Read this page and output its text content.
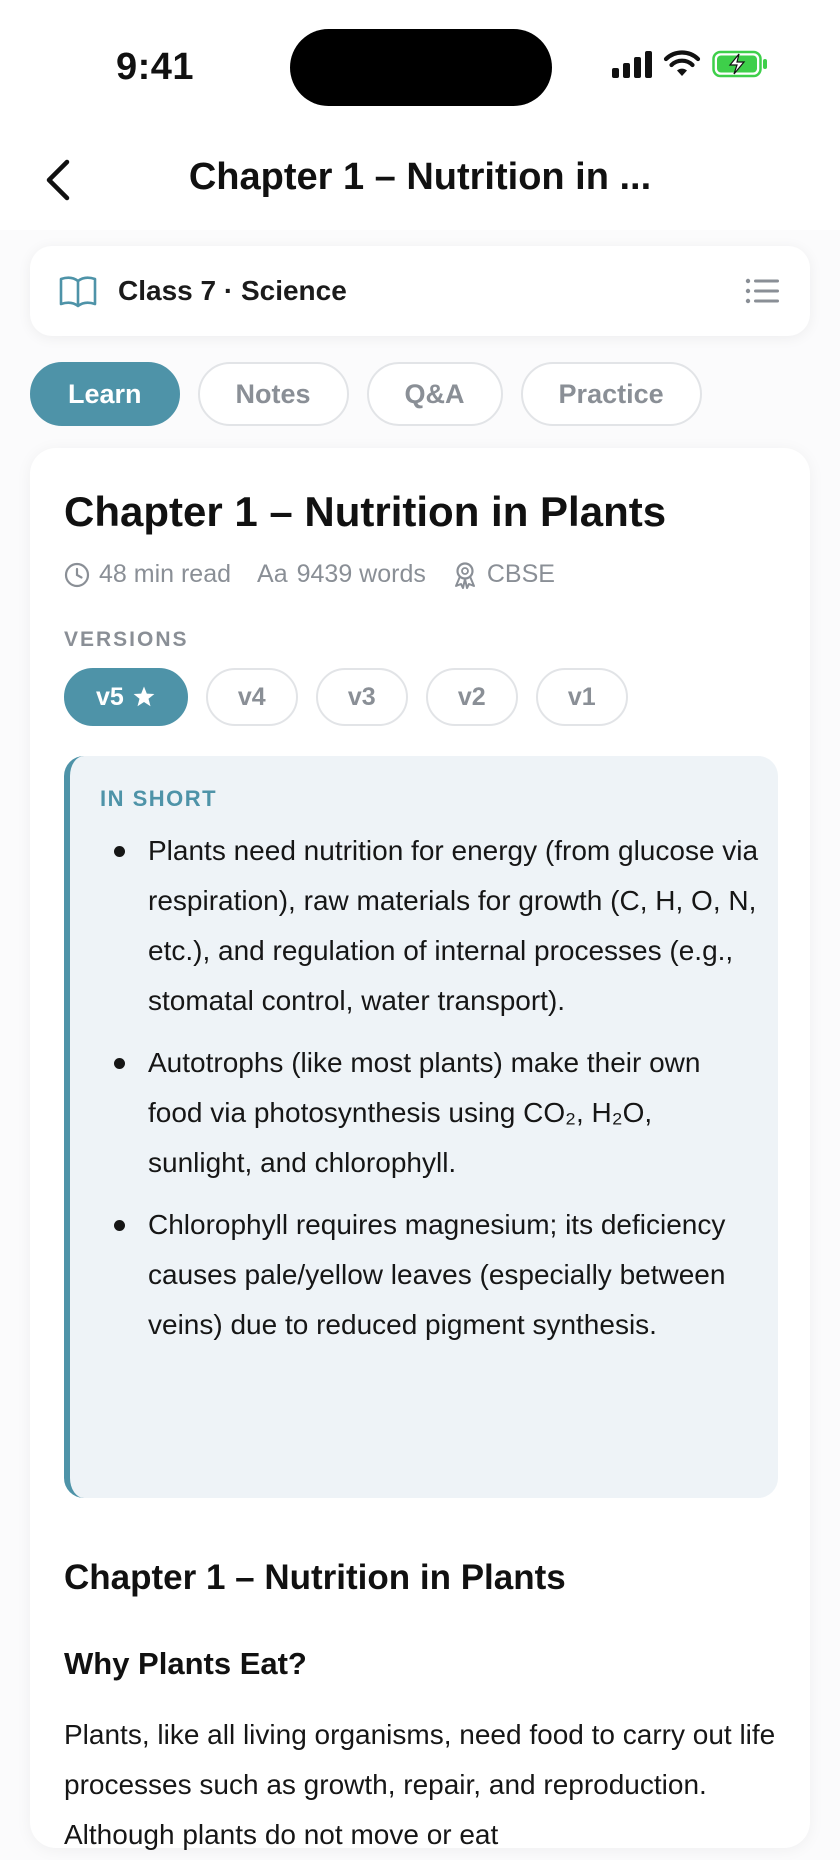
9:41
Chapter 1 – Nutrition in ...
Class 7 · Science
Learn	Notes	Q&A	Practice
Chapter 1 – Nutrition in Plants
48 min read Aa 9439 words CBSE
VERSIONS
v5	v4	v3	v2	v1
IN SHORT
Plants need nutrition for energy (from glucose via respiration), raw materials for growth (C, H, O, N, etc.), and regulation of internal processes (e.g., stomatal control, water transport).
Autotrophs (like most plants) make their own food via photosynthesis using CO₂, H₂O, sunlight, and chlorophyll.
Chlorophyll requires magnesium; its deficiency causes pale/yellow leaves (especially between veins) due to reduced pigment synthesis.
Chapter 1 – Nutrition in Plants
Why Plants Eat?
Plants, like all living organisms, need food to carry out life processes such as growth, repair, and reproduction. Although plants do not move or eat
